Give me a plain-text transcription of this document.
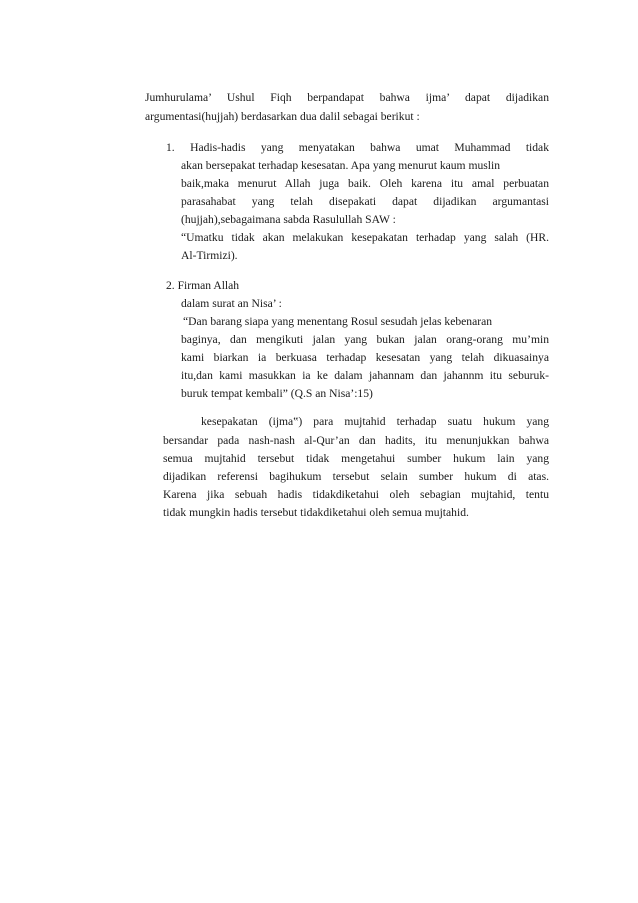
Jumhurulama’ Ushul Fiqh berpandapat bahwa ijma’ dapat dijadikan
argumentasi(hujjah) berdasarkan dua dalil sebagai berikut :
1. Hadis-hadis yang menyatakan bahwa umat Muhammad tidak
akan bersepakat terhadap kesesatan. Apa yang menurut kaum muslin
baik,maka menurut Allah juga baik. Oleh karena itu amal perbuatan
parasahabat yang telah disepakati dapat dijadikan argumantasi
(hujjah),sebagaimana sabda Rasulullah SAW :
“Umatku tidak akan melakukan kesepakatan terhadap yang salah (HR.
Al-Tirmizi).
2. Firman Allah
dalam surat an Nisa’ :
“Dan barang siapa yang menentang Rosul sesudah jelas kebenaran
baginya, dan mengikuti jalan yang bukan jalan orang-orang mu’min
kami biarkan ia berkuasa terhadap kesesatan yang telah dikuasainya
itu,dan kami masukkan ia ke dalam jahannam dan jahannm itu seburuk-
buruk tempat kembali” (Q.S an Nisa’:15)
kesepakatan (ijma‟) para mujtahid terhadap suatu hukum yang
bersandar pada nash-nash al-Qur’an dan hadits, itu menunjukkan bahwa
semua mujtahid tersebut tidak mengetahui sumber hukum lain yang
dijadikan referensi bagihukum tersebut selain sumber hukum di atas.
Karena jika sebuah hadis tidakdiketahui oleh sebagian mujtahid, tentu
tidak mungkin hadis tersebut tidakdiketahui oleh semua mujtahid.
